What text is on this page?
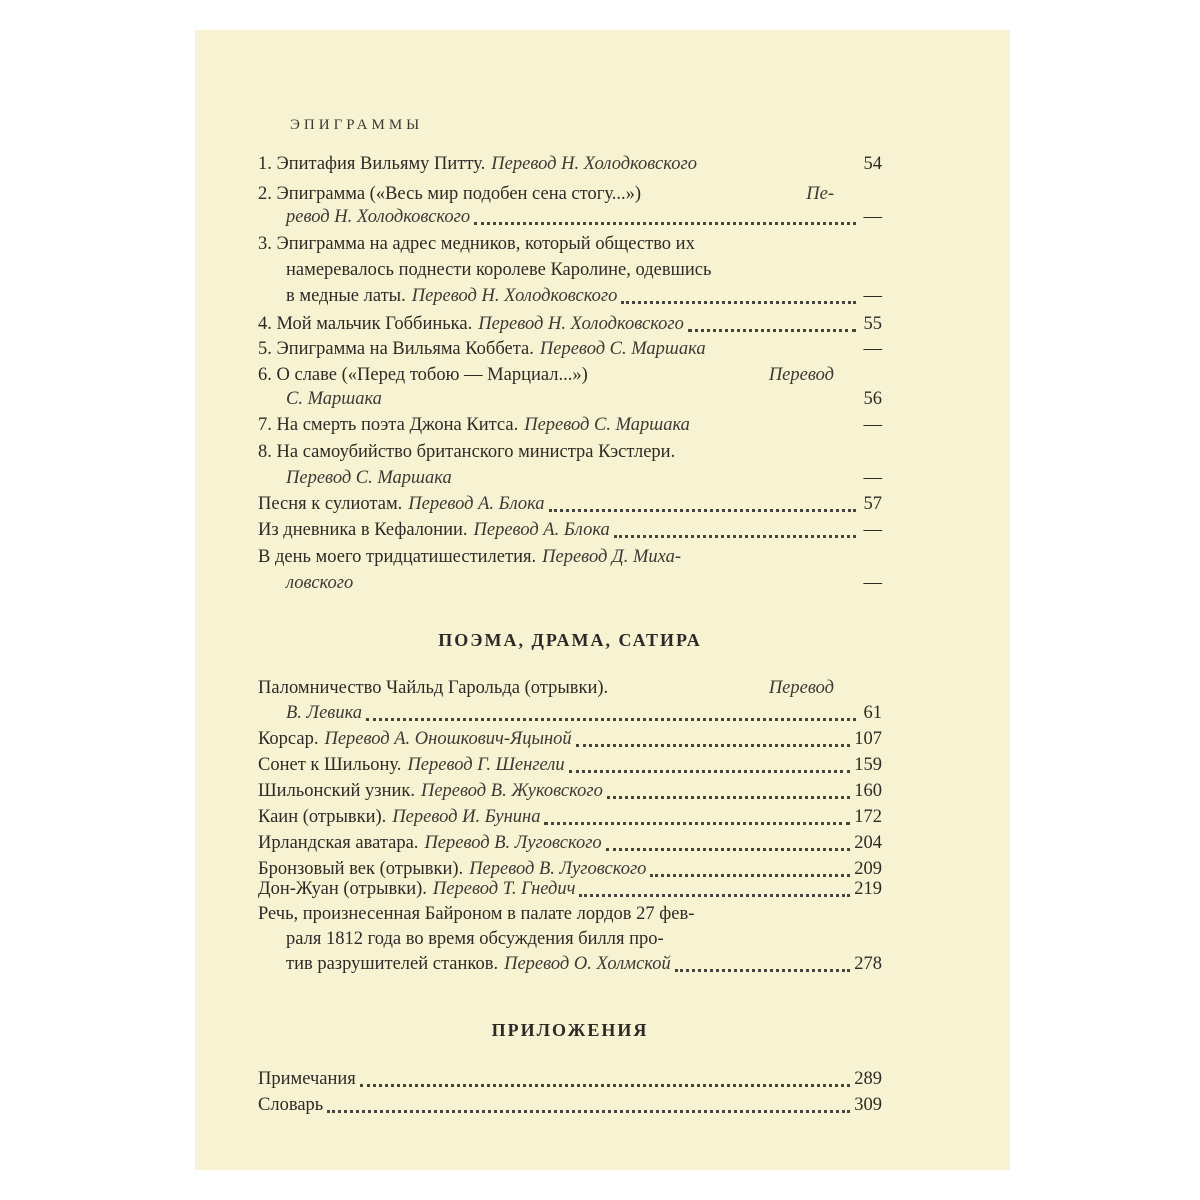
ЭПИГРАММЫ
1. Эпитафия Вильяму Питту. Перевод Н. Холодковского	54
2. Эпиграмма («Весь мир подобен сена стогу...»)	Пе-
ревод Н. Холодковского	—
3. Эпиграмма на адрес медников, который общество их
намеревалось поднести королеве Каролине, одевшись
в медные латы. Перевод Н. Холодковского	—
4. Мой мальчик Гоббинька. Перевод Н. Холодковского	55
5. Эпиграмма на Вильяма Коббета. Перевод С. Маршака	—
6. О славе («Перед тобою — Марциал...»)	Перевод
С. Маршака	56
7. На смерть поэта Джона Китса. Перевод С. Маршака	—
8. На самоубийство британского министра Кэстлери.
Перевод С. Маршака	—
Песня к сулиотам. Перевод А. Блока	57
Из дневника в Кефалонии. Перевод А. Блока	—
В день моего тридцатишестилетия. Перевод Д. Миха-
ловского	—
ПОЭМА, ДРАМА, САТИРА
Паломничество Чайльд Гарольда (отрывки).	Перевод
В. Левика	61
Корсар. Перевод А. Оношкович-Яцыной	107
Сонет к Шильону. Перевод Г. Шенгели	159
Шильонский узник. Перевод В. Жуковского	160
Каин (отрывки). Перевод И. Бунина	172
Ирландская аватара. Перевод В. Луговского	204
Бронзовый век (отрывки). Перевод В. Луговского	209
Дон-Жуан (отрывки). Перевод Т. Гнедич	219
Речь, произнесенная Байроном в палате лордов 27 фев-
раля 1812 года во время обсуждения билля про-
тив разрушителей станков. Перевод О. Холмской	278
ПРИЛОЖЕНИЯ
Примечания	289
Словарь	309
